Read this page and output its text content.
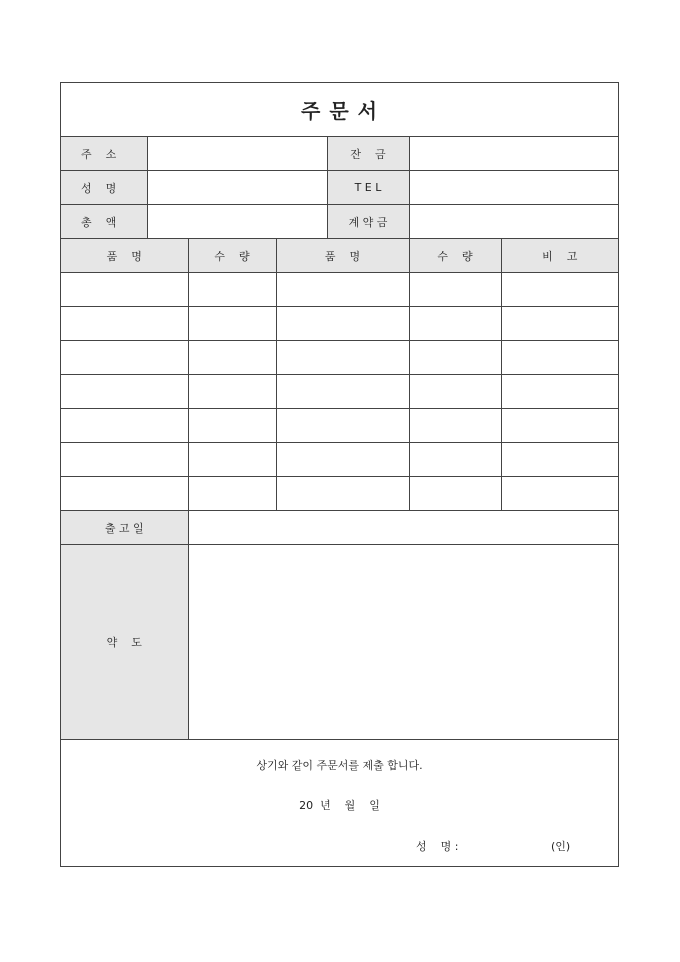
주 문 서
주    소		잔    금	
성    명		T E L	
총    액		계 약 금	
품    명	수    량	품    명	수    량	비    고

출 고 일	
약    도	
상기와 같이 주문서를 제출 합니다.
20  년    월    일
성    명 :	(인)
